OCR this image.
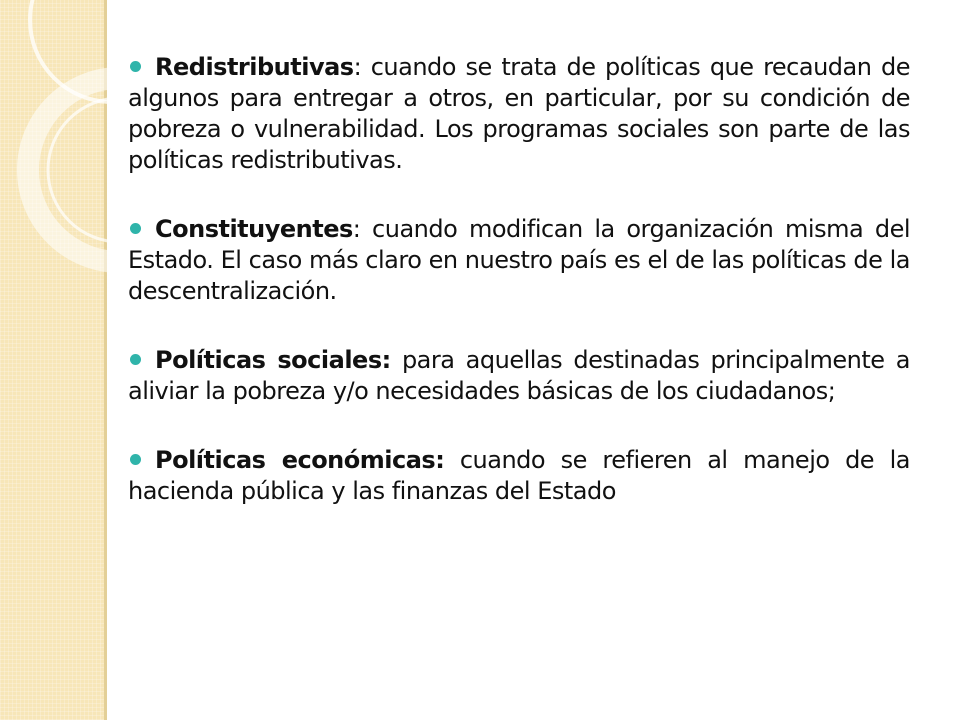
Redistributivas: cuando se trata de políticas que recaudan de algunos para entregar a otros, en particular, por su condición de pobreza o vulnerabilidad. Los programas sociales son parte de las políticas redistributivas.

Constituyentes: cuando modifican la organización misma del Estado. El caso más claro en nuestro país es el de las políticas de la descentralización.

Políticas sociales: para aquellas destinadas principalmente a aliviar la pobreza y/o necesidades básicas de los ciudadanos;

Políticas económicas: cuando se refieren al manejo de la hacienda pública y las finanzas del Estado
